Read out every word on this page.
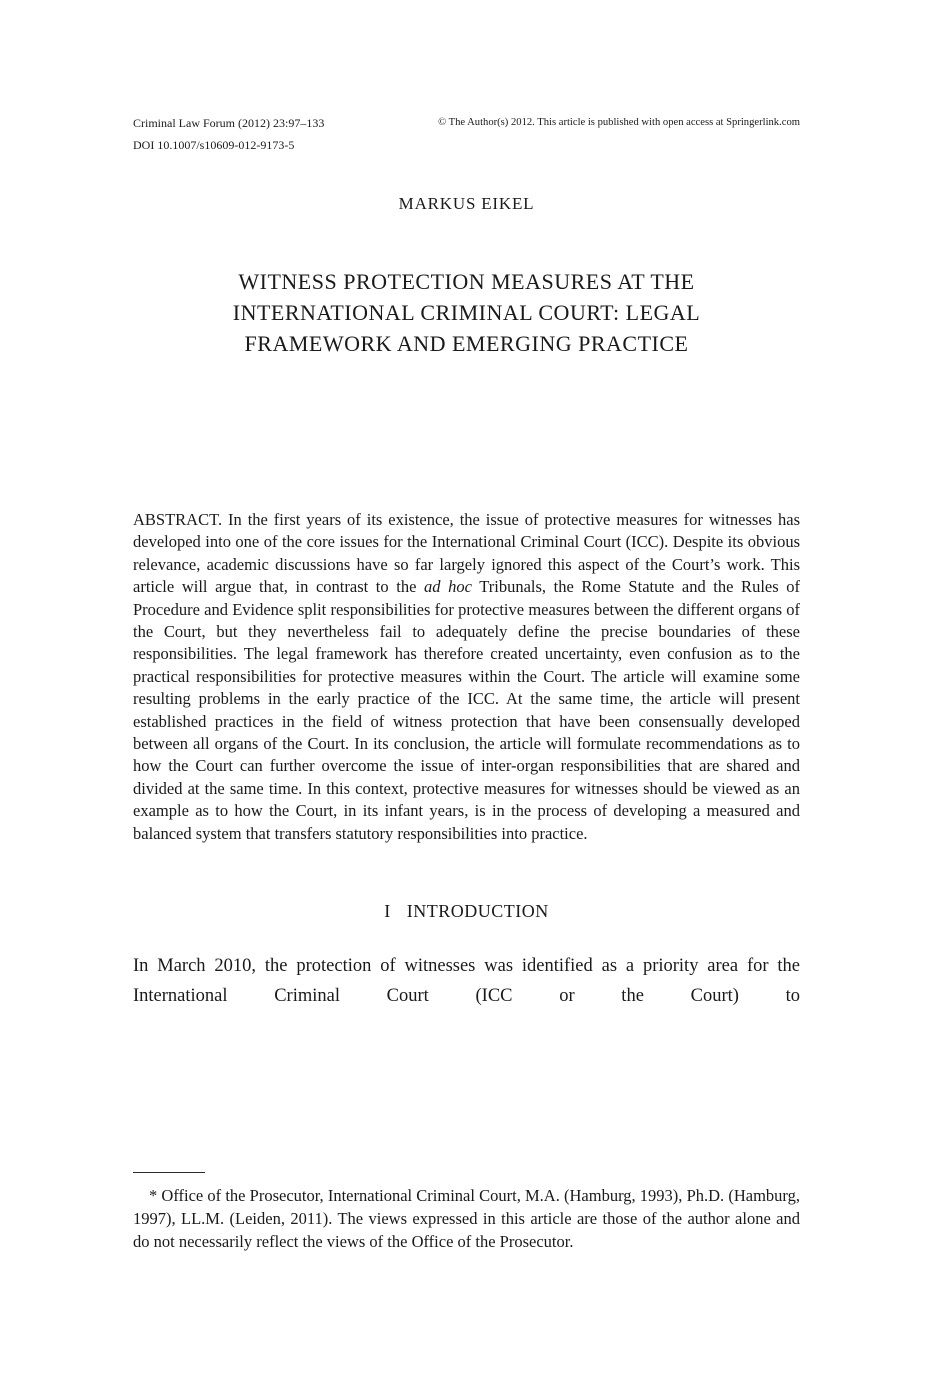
Criminal Law Forum (2012) 23:97–133
DOI 10.1007/s10609-012-9173-5
© The Author(s) 2012. This article is published with open access at Springerlink.com
MARKUS EIKEL
WITNESS PROTECTION MEASURES AT THE
INTERNATIONAL CRIMINAL COURT: LEGAL
FRAMEWORK AND EMERGING PRACTICE
ABSTRACT. In the first years of its existence, the issue of protective measures for witnesses has developed into one of the core issues for the International Criminal Court (ICC). Despite its obvious relevance, academic discussions have so far largely ignored this aspect of the Court’s work. This article will argue that, in contrast to the ad hoc Tribunals, the Rome Statute and the Rules of Procedure and Evidence split responsibilities for protective measures between the different organs of the Court, but they nevertheless fail to adequately define the precise boundaries of these responsibilities. The legal framework has therefore created uncertainty, even confusion as to the practical responsibilities for protective measures within the Court. The article will examine some resulting problems in the early practice of the ICC. At the same time, the article will present established practices in the field of witness protection that have been consensually developed between all organs of the Court. In its conclusion, the article will formulate recommendations as to how the Court can further overcome the issue of inter-organ responsibilities that are shared and divided at the same time. In this context, protective measures for witnesses should be viewed as an example as to how the Court, in its infant years, is in the process of developing a measured and balanced system that transfers statutory responsibilities into practice.
I INTRODUCTION

In March 2010, the protection of witnesses was identified as a priority area for the International Criminal Court (ICC or the Court) to

* Office of the Prosecutor, International Criminal Court, M.A. (Hamburg, 1993), Ph.D. (Hamburg, 1997), LL.M. (Leiden, 2011). The views expressed in this article are those of the author alone and do not necessarily reflect the views of the Office of the Prosecutor.
